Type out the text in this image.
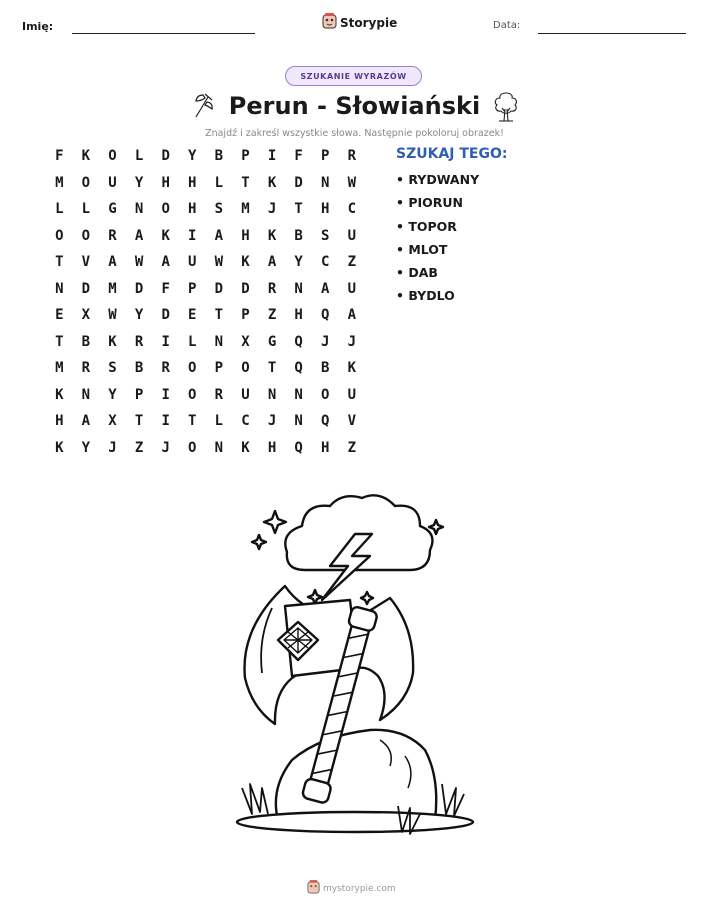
Imię:	Storypie	Data:
SZUKANIE WYRAZÓW
Perun - Słowiański
Znajdź i zakreśl wszystkie słowa. Następnie pokoloruj obrazek!
F	K	O	L	D	Y	B	P	I	F	P	R
M	O	U	Y	H	H	L	T	K	D	N	W
L	L	G	N	O	H	S	M	J	T	H	C
O	O	R	A	K	I	A	H	K	B	S	U
T	V	A	W	A	U	W	K	A	Y	C	Z
N	D	M	D	F	P	D	D	R	N	A	U
E	X	W	Y	D	E	T	P	Z	H	Q	A
T	B	K	R	I	L	N	X	G	Q	J	J
M	R	S	B	R	O	P	O	T	Q	B	K
K	N	Y	P	I	O	R	U	N	N	O	U
H	A	X	T	I	T	L	C	J	N	Q	V
K	Y	J	Z	J	O	N	K	H	Q	H	Z
SZUKAJ TEGO:
• RYDWANY
• PIORUN
• TOPOR
• MLOT
• DAB
• BYDLO
mystorypie.com
